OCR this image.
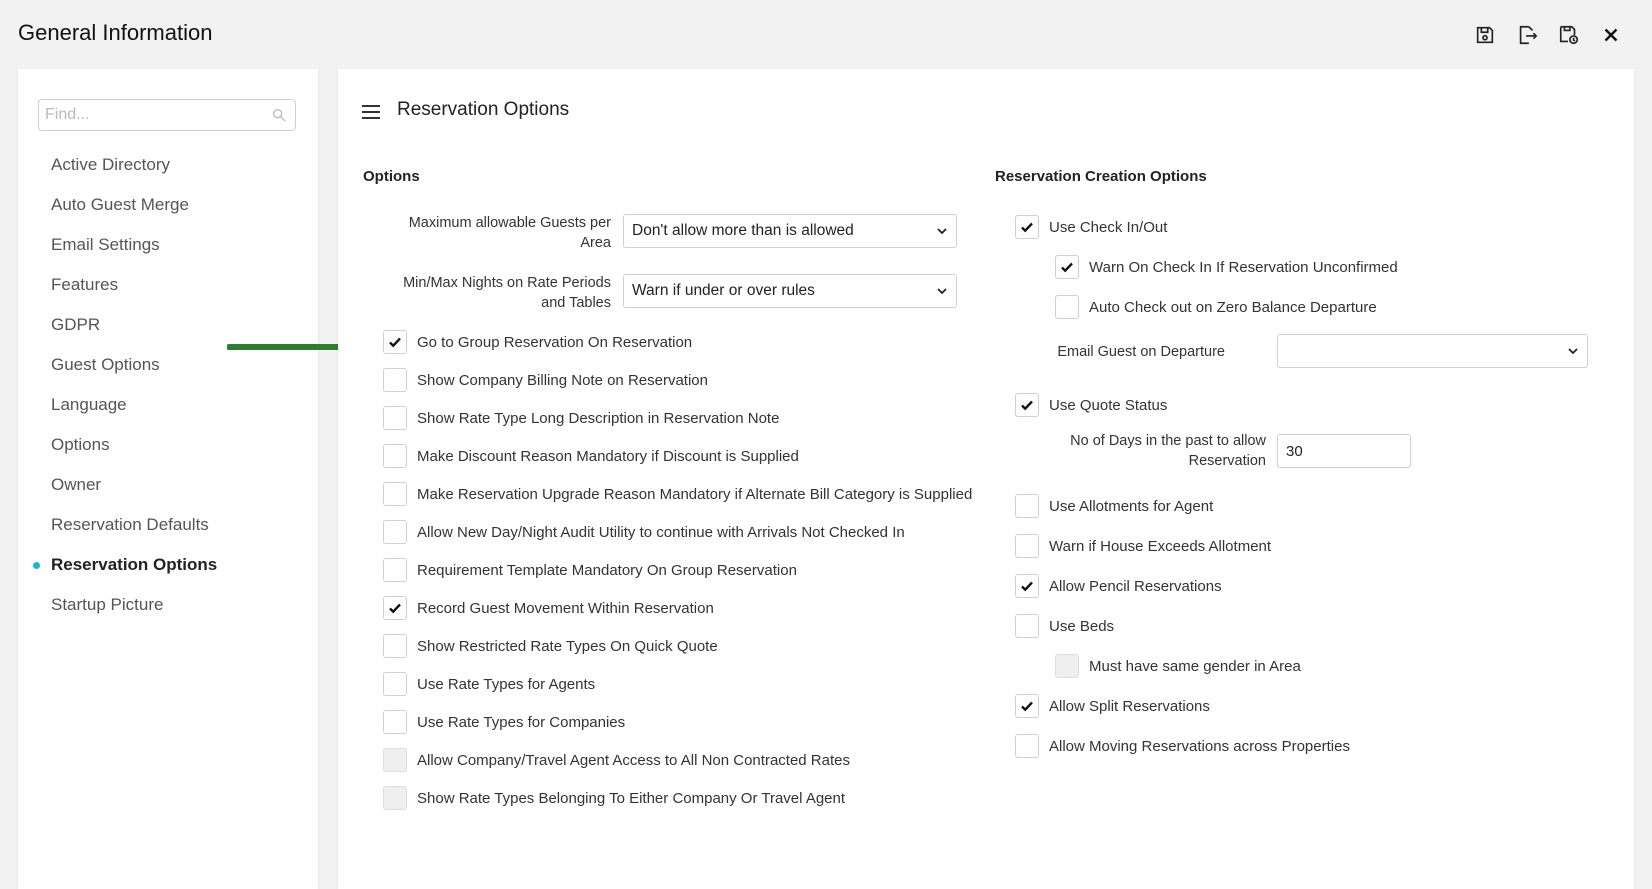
General Information
Find...
Active Directory
Auto Guest Merge
Email Settings
Features
GDPR
Guest Options
Language
Options
Owner
Reservation Defaults
Reservation Options
Startup Picture
Reservation Options
Options
Maximum allowable Guests per
Area
Don't allow more than is allowed
Min/Max Nights on Rate Periods
and Tables
Warn if under or over rules
Go to Group Reservation On Reservation
Show Company Billing Note on Reservation
Show Rate Type Long Description in Reservation Note
Make Discount Reason Mandatory if Discount is Supplied
Make Reservation Upgrade Reason Mandatory if Alternate Bill Category is Supplied
Allow New Day/Night Audit Utility to continue with Arrivals Not Checked In
Requirement Template Mandatory On Group Reservation
Record Guest Movement Within Reservation
Show Restricted Rate Types On Quick Quote
Use Rate Types for Agents
Use Rate Types for Companies
Allow Company/Travel Agent Access to All Non Contracted Rates
Show Rate Types Belonging To Either Company Or Travel Agent
Reservation Creation Options
Use Check In/Out
Warn On Check In If Reservation Unconfirmed
Auto Check out on Zero Balance Departure
Email Guest on Departure
Use Quote Status
No of Days in the past to allow
Reservation
30
Use Allotments for Agent
Warn if House Exceeds Allotment
Allow Pencil Reservations
Use Beds
Must have same gender in Area
Allow Split Reservations
Allow Moving Reservations across Properties
